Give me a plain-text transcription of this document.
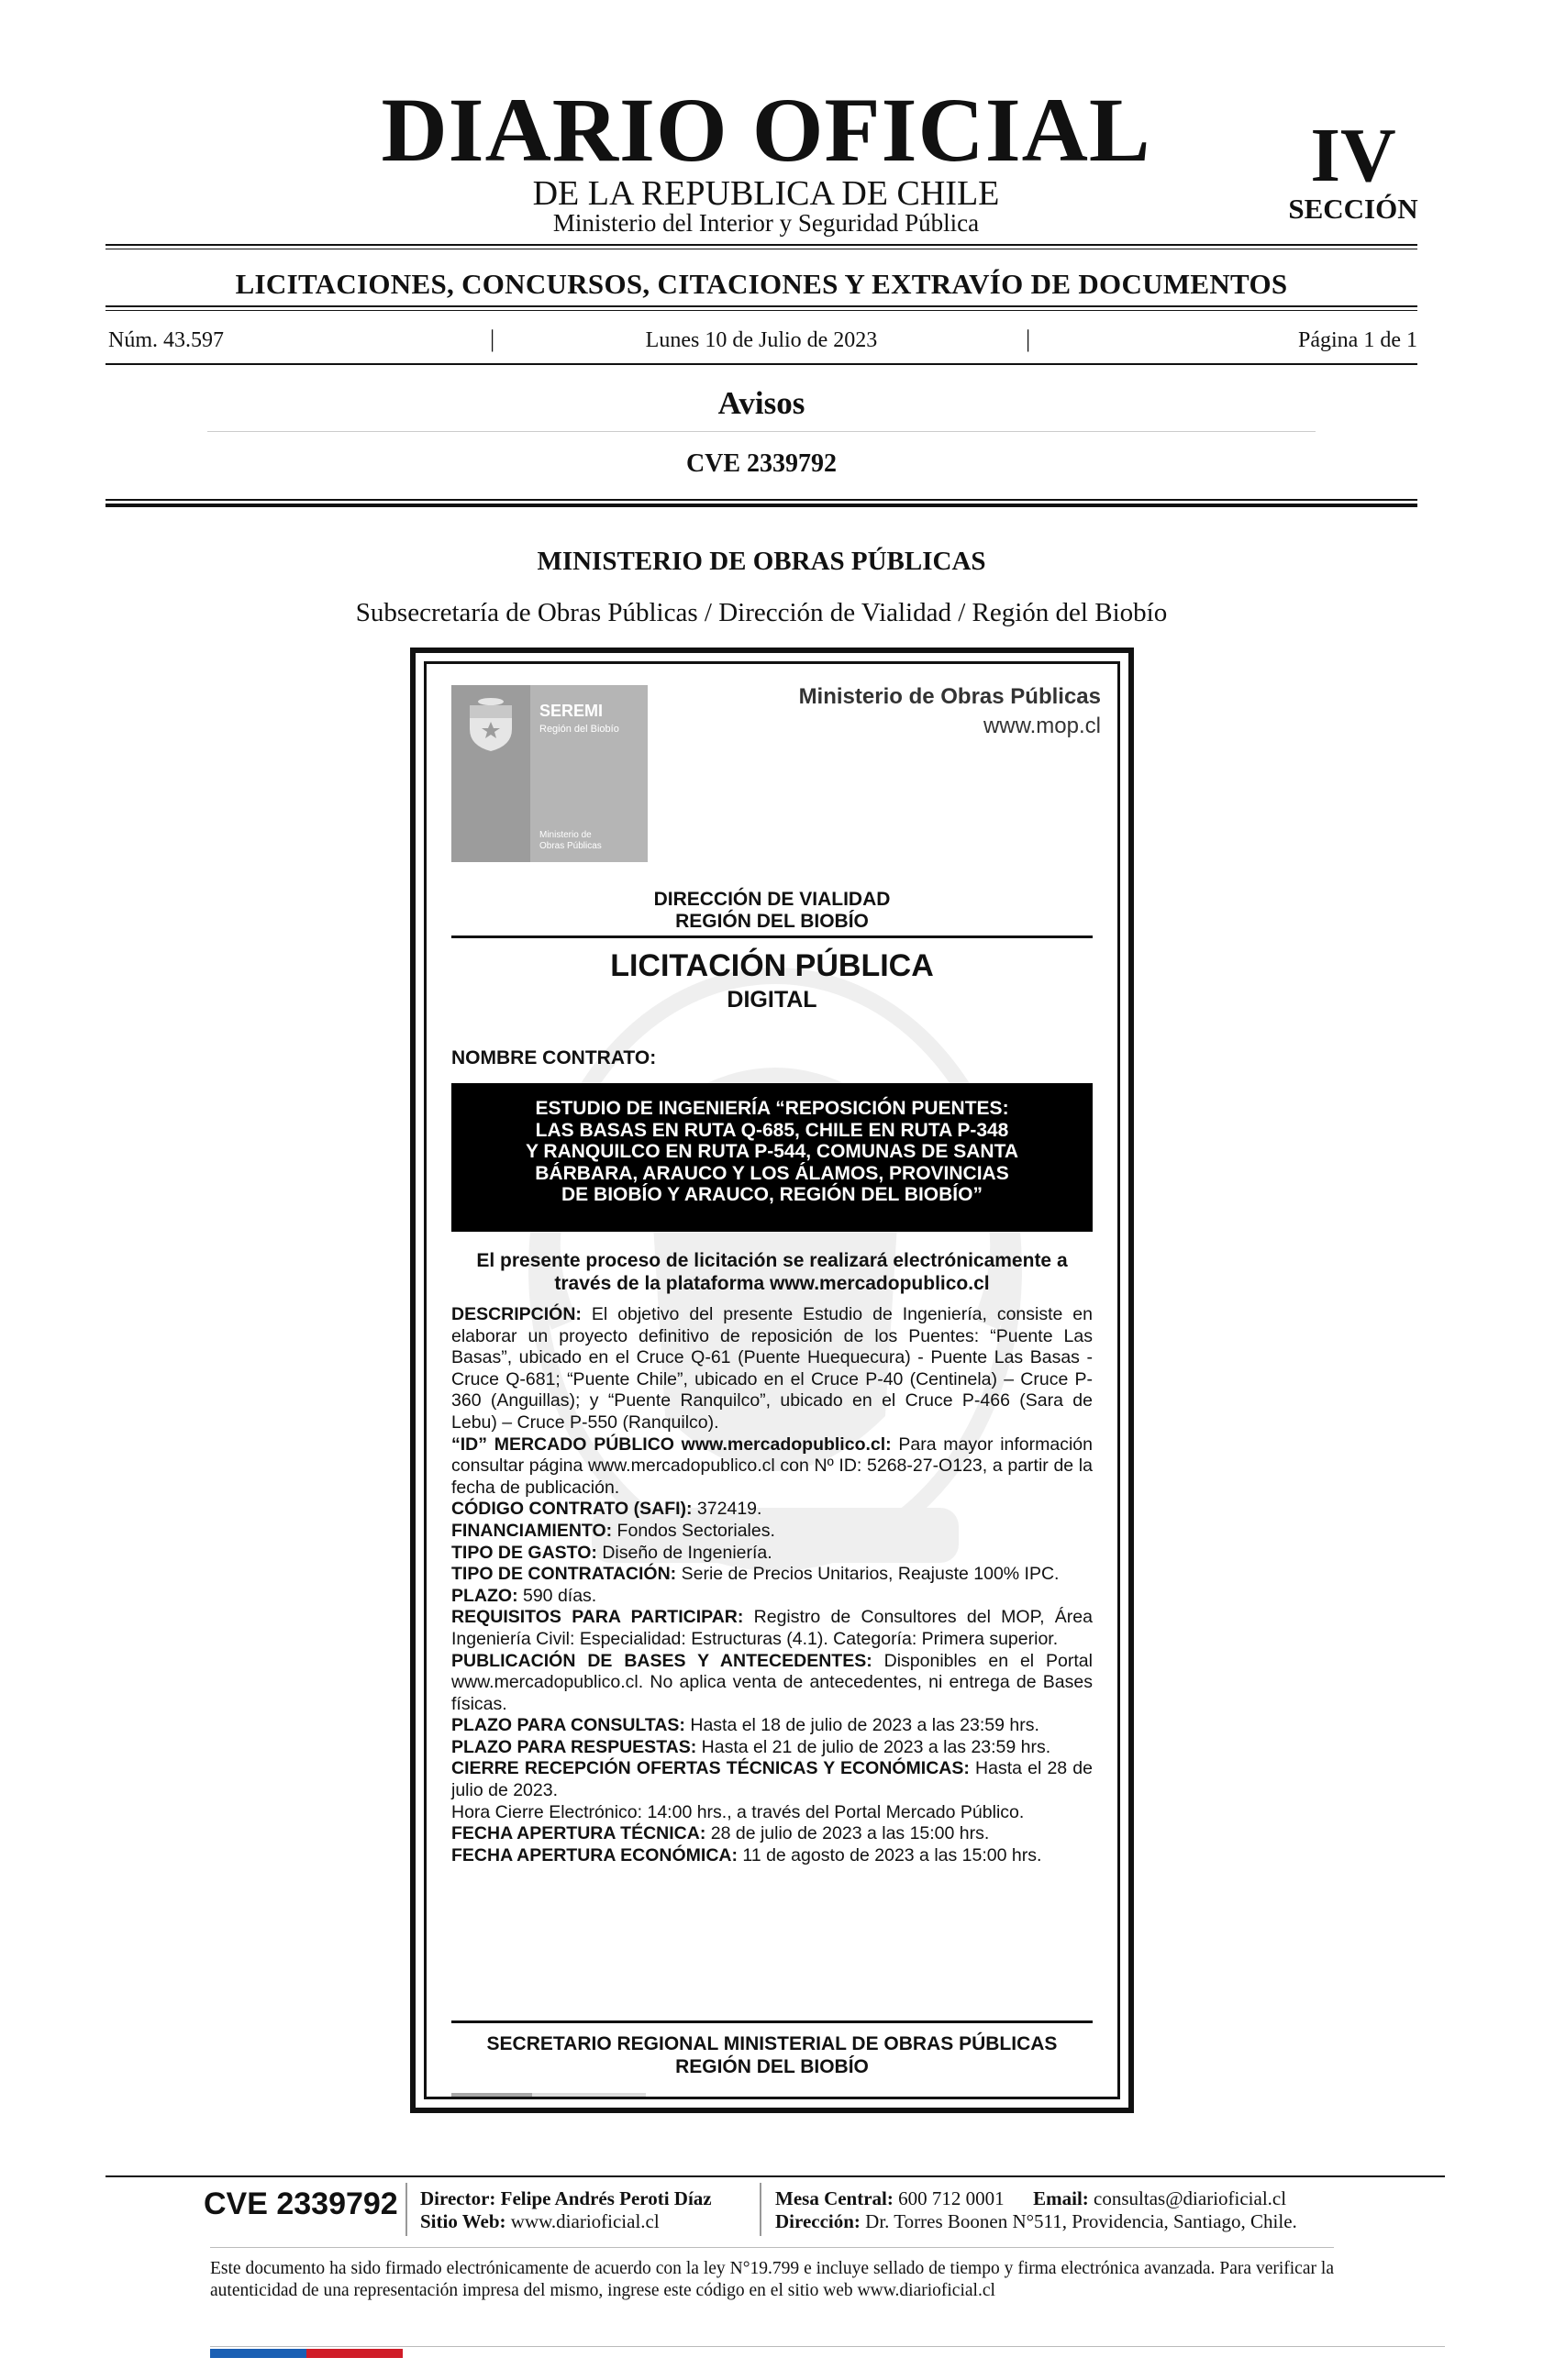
DIARIO OFICIAL
DE LA REPUBLICA DE CHILE
Ministerio del Interior y Seguridad Pública
IV
SECCIÓN
LICITACIONES, CONCURSOS, CITACIONES Y EXTRAVÍO DE DOCUMENTOS
Núm. 43.597	|	Lunes 10 de Julio de 2023	|	Página 1 de 1
Avisos
CVE 2339792
MINISTERIO DE OBRAS PÚBLICAS
Subsecretaría de Obras Públicas / Dirección de Vialidad / Región del Biobío
SEREMI
Región del Biobío
Ministerio de
Obras Públicas
Ministerio de Obras Públicas
www.mop.cl
DIRECCIÓN DE VIALIDAD
REGIÓN DEL BIOBÍO
LICITACIÓN PÚBLICA
DIGITAL
NOMBRE CONTRATO:
ESTUDIO DE INGENIERÍA “REPOSICIÓN PUENTES:
LAS BASAS EN RUTA Q-685, CHILE EN RUTA P-348
Y RANQUILCO EN RUTA P-544, COMUNAS DE SANTA
BÁRBARA, ARAUCO Y LOS ÁLAMOS, PROVINCIAS
DE BIOBÍO Y ARAUCO, REGIÓN DEL BIOBÍO”
El presente proceso de licitación se realizará electrónicamente a
través de la plataforma www.mercadopublico.cl

DESCRIPCIÓN: El objetivo del presente Estudio de Ingeniería, consiste en elaborar un proyecto definitivo de reposición de los Puentes: “Puente Las Basas”, ubicado en el Cruce Q-61 (Puente Huequecura) - Puente Las Basas - Cruce Q-681; “Puente Chile”, ubicado en el Cruce P-40 (Centinela) – Cruce P-360 (Anguillas); y “Puente Ranquilco”, ubicado en el Cruce P-466 (Sara de Lebu) – Cruce P-550 (Ranquilco).

“ID” MERCADO PÚBLICO www.mercadopublico.cl: Para mayor información consultar página www.mercadopublico.cl con Nº ID: 5268-27-O123, a partir de la fecha de publicación.

CÓDIGO CONTRATO (SAFI): 372419.

FINANCIAMIENTO: Fondos Sectoriales.

TIPO DE GASTO: Diseño de Ingeniería.

TIPO DE CONTRATACIÓN: Serie de Precios Unitarios, Reajuste 100% IPC.

PLAZO: 590 días.

REQUISITOS PARA PARTICIPAR: Registro de Consultores del MOP, Área Ingeniería Civil: Especialidad: Estructuras (4.1). Categoría: Primera superior.

PUBLICACIÓN DE BASES Y ANTECEDENTES: Disponibles en el Portal www.mercadopublico.cl. No aplica venta de antecedentes, ni entrega de Bases físicas.

PLAZO PARA CONSULTAS: Hasta el 18 de julio de 2023 a las 23:59 hrs.

PLAZO PARA RESPUESTAS: Hasta el 21 de julio de 2023 a las 23:59 hrs.

CIERRE RECEPCIÓN OFERTAS TÉCNICAS Y ECONÓMICAS: Hasta el 28 de julio de 2023.

Hora Cierre Electrónico: 14:00 hrs., a través del Portal Mercado Público.

FECHA APERTURA TÉCNICA: 28 de julio de 2023 a las 15:00 hrs.

FECHA APERTURA ECONÓMICA: 11 de agosto de 2023 a las 15:00 hrs.

SECRETARIO REGIONAL MINISTERIAL DE OBRAS PÚBLICAS
REGIÓN DEL BIOBÍO
CVE 2339792 Director: Felipe Andrés Peroti Díaz
Sitio Web: www.diarioficial.cl
Mesa Central: 600 712 0001 Email: consultas@diarioficial.cl
Dirección: Dr. Torres Boonen N°511, Providencia, Santiago, Chile.
Este documento ha sido firmado electrónicamente de acuerdo con la ley N°19.799 e incluye sellado de tiempo y firma electrónica avanzada. Para verificar la autenticidad de una representación impresa del mismo, ingrese este código en el sitio web www.diarioficial.cl
